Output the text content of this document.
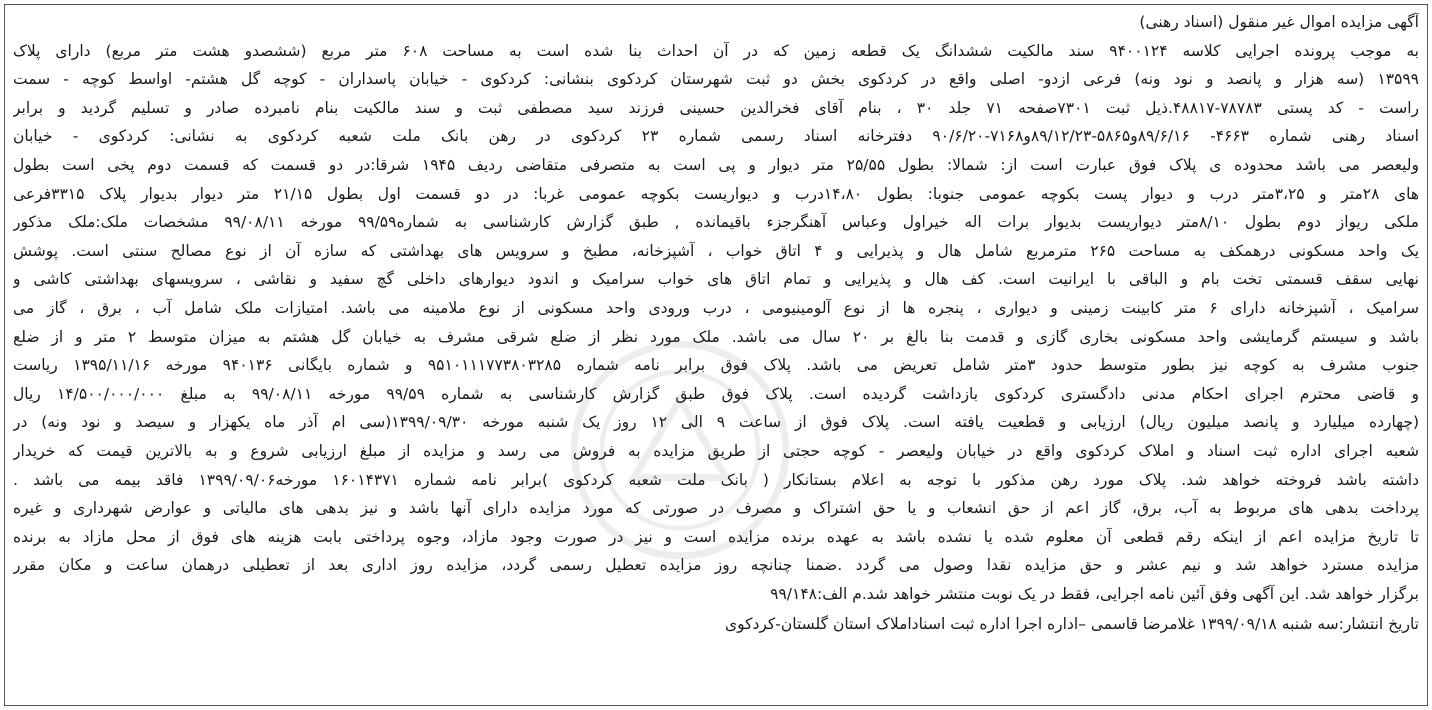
آگهی مزایده اموال غیر منقول (اسناد رهنی)
به موجب پرونده اجرایی کلاسه ۹۴۰۰۱۲۴ سند مالکیت ششدانگ یک قطعه زمین که در آن احداث بنا شده است به مساحت ۶۰۸ متر مربع (ششصدو هشت متر مربع) دارای پلاک
۱۳۵۹۹ (سه هزار و پانصد و نود ونه) فرعی ازدو- اصلی واقع در کردکوی بخش دو ثبت شهرستان کردکوی بنشانی: کردکوی - خیابان پاسداران - کوچه گل هشتم- اواسط کوچه - سمت
راست - کد پستی ۷۸۷۸۳-۴۸۸۱۷.ذیل ثبت ۷۳۰۱صفحه ۷۱ جلد ۳۰ ، بنام آقای فخرالدین حسینی فرزند سید مصطفی ثبت و سند مالکیت بنام نامبرده صادر و تسلیم گردید و برابر
اسناد رهنی شماره ۴۶۶۳- ۸۹/۶/۱۶و۵۸۶۵-۸۹/۱۲/۲۳و۷۱۶۸-۹۰/۶/۲۰ دفترخانه اسناد رسمی شماره ۲۳ کردکوی در رهن بانک ملت شعبه کردکوی به نشانی: کردکوی - خیابان
ولیعصر می باشد محدوده ی پلاک فوق عبارت است از: شمالا: بطول ۲۵/۵۵ متر دیوار و پی است به متصرفی متقاضی ردیف ۱۹۴۵ شرقا:در دو قسمت که قسمت دوم پخی است بطول
های ۲۸متر و ۳،۲۵متر درب و دیوار پست بکوچه عمومی جنوبا: بطول ۱۴،۸۰درب و دیواریست بکوچه عمومی غربا: در دو قسمت اول بطول ۲۱/۱۵ متر دیوار بدیوار پلاک ۳۳۱۵فرعی
ملکی ریواز دوم بطول ۸/۱۰متر دیواریست بدیوار برات اله خیراول وعباس آهنگرجزء باقیمانده , طبق گزارش کارشناسی به شماره۹۹/۵۹ مورخه ۹۹/۰۸/۱۱ مشخصات ملک:ملک مذکور
یک واحد مسکونی درهمکف به مساحت ۲۶۵ مترمربع شامل هال و پذیرایی و ۴ اتاق خواب ، آشپزخانه، مطبخ و سرویس های بهداشتی که سازه آن از نوع مصالح سنتی است. پوشش
نهایی سقف قسمتی تخت بام و الباقی با ایرانیت است. کف هال و پذیرایی و تمام اتاق های خواب سرامیک و اندود دیوارهای داخلی گچ سفید و نقاشی ، سرویسهای بهداشتی کاشی و
سرامیک ، آشپزخانه دارای ۶ متر کابینت زمینی و دیواری ، پنجره ها از نوع آلومینیومی ، درب ورودی واحد مسکونی از نوع ملامینه می باشد. امتیازات ملک شامل آب ، برق ، گاز می
باشد و سیستم گرمایشی واحد مسکونی بخاری گازی و قدمت بنا بالغ بر ۲۰ سال می باشد. ملک مورد نظر از ضلع شرقی مشرف به خیابان گل هشتم به میزان متوسط ۲ متر و از ضلع
جنوب مشرف به کوچه نیز بطور متوسط حدود ۳متر شامل تعریض می باشد. پلاک فوق برابر نامه شماره ۹۵۱۰۱۱۱۷۷۳۸۰۳۲۸۵ و شماره بایگانی ۹۴۰۱۳۶ مورخه ۱۳۹۵/۱۱/۱۶ ریاست
و قاضی محترم اجرای احکام مدنی دادگستری کردکوی بازداشت گردیده است. پلاک فوق طبق گزارش کارشناسی به شماره ۹۹/۵۹ مورخه ۹۹/۰۸/۱۱ به مبلغ ۱۴/۵۰۰/۰۰۰/۰۰۰ ریال
(چهارده میلیارد و پانصد میلیون ریال) ارزیابی و قطعیت یافته است. پلاک فوق از ساعت ۹ الی ۱۲ روز یک شنبه مورخه ۱۳۹۹/۰۹/۳۰(سی ام آذر ماه یکهزار و سیصد و نود ونه) در
شعبه اجرای اداره ثبت اسناد و املاک کردکوی واقع در خیابان ولیعصر - کوچه حجتی از طریق مزایده به فروش می رسد و مزایده از مبلغ ارزیابی شروع و به بالاترین قیمت که خریدار
داشته باشد فروخته خواهد شد. پلاک مورد رهن مذکور با توجه به اعلام بستانکار ( بانک ملت شعبه کردکوی )برابر نامه شماره ۱۶۰۱۴۳۷۱ مورخه۱۳۹۹/۰۹/۰۶ فاقد بیمه می باشد .
پرداخت بدهی های مربوط به آب، برق، گاز اعم از حق انشعاب و یا حق اشتراک و مصرف در صورتی که مورد مزایده دارای آنها باشد و نیز بدهی های مالیاتی و عوارض شهرداری و غیره
تا تاریخ مزایده اعم از اینکه رقم قطعی آن معلوم شده یا نشده باشد به عهده برنده مزایده است و نیز در صورت وجود مازاد، وجوه پرداختی بابت هزینه های فوق از محل مازاد به برنده
مزایده مسترد خواهد شد و نیم عشر و حق مزایده نقدا وصول می گردد .ضمنا چنانچه روز مزایده تعطیل رسمی گردد، مزایده روز اداری بعد از تعطیلی درهمان ساعت و مکان مقرر
برگزار خواهد شد. این آگهی وفق آئین نامه اجرایی، فقط در یک نوبت منتشر خواهد شد.م الف:۹۹/۱۴۸
تاریخ انتشار:سه شنبه ۱۳۹۹/۰۹/۱۸ غلامرضا قاسمی –اداره اجرا اداره ثبت اسناداملاک استان گلستان-کردکوی
